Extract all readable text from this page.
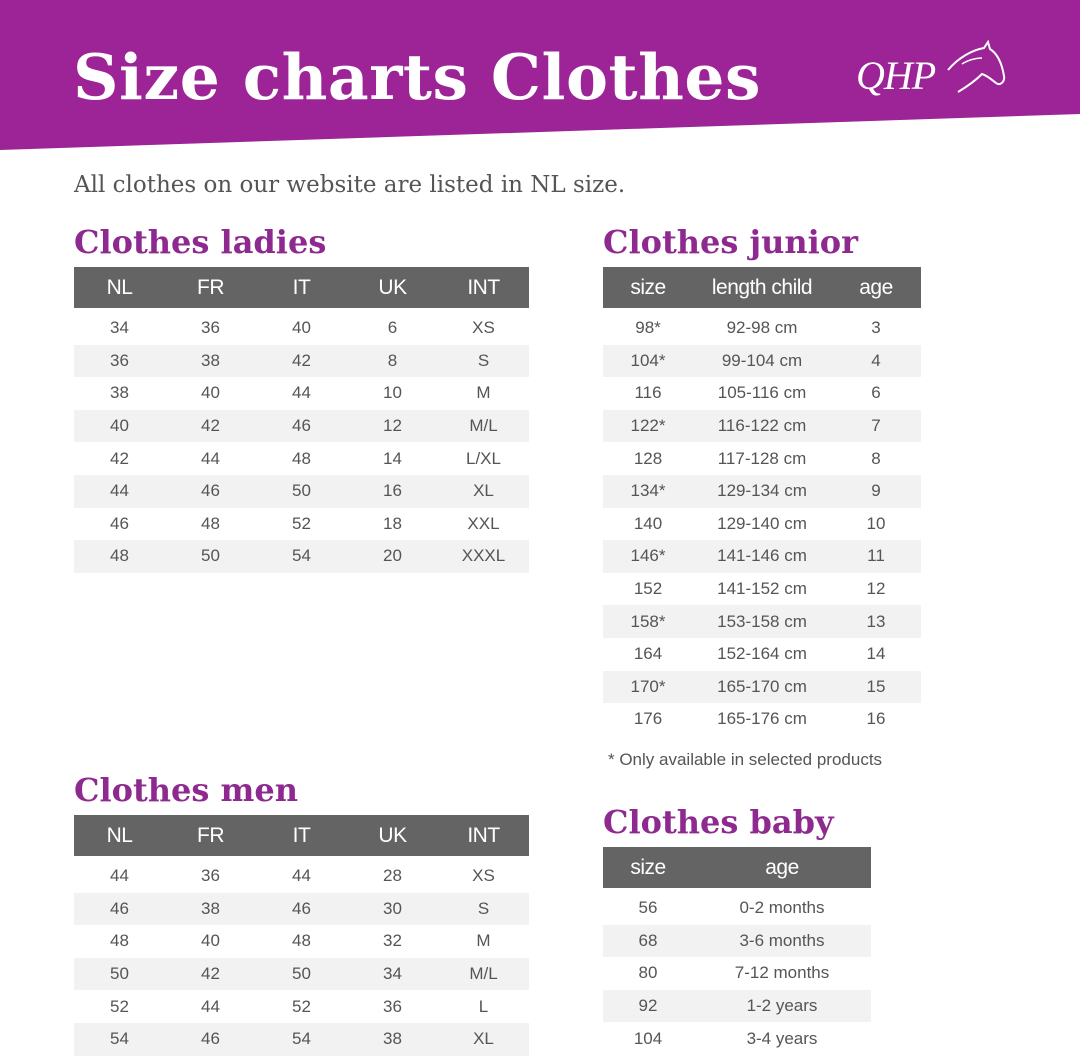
Size charts Clothes QHP

All clothes on our website are listed in NL size.

Clothes ladies
NL	FR	IT	UK	INT
34	36	40	6	XS
36	38	42	8	S
38	40	44	10	M
40	42	46	12	M/L
42	44	48	14	L/XL
44	46	50	16	XL
46	48	52	18	XXL
48	50	54	20	XXXL
Clothes junior
size	length child	age
98*	92-98 cm	3
104*	99-104 cm	4
116	105-116 cm	6
122*	116-122 cm	7
128	117-128 cm	8
134*	129-134 cm	9
140	129-140 cm	10
146*	141-146 cm	11
152	141-152 cm	12
158*	153-158 cm	13
164	152-164 cm	14
170*	165-170 cm	15
176	165-176 cm	16

* Only available in selected products

Clothes men
NL	FR	IT	UK	INT
44	36	44	28	XS
46	38	46	30	S
48	40	48	32	M
50	42	50	34	M/L
52	44	52	36	L
54	46	54	38	XL
Clothes baby
size	age
56	0-2 months
68	3-6 months
80	7-12 months
92	1-2 years
104	3-4 years
